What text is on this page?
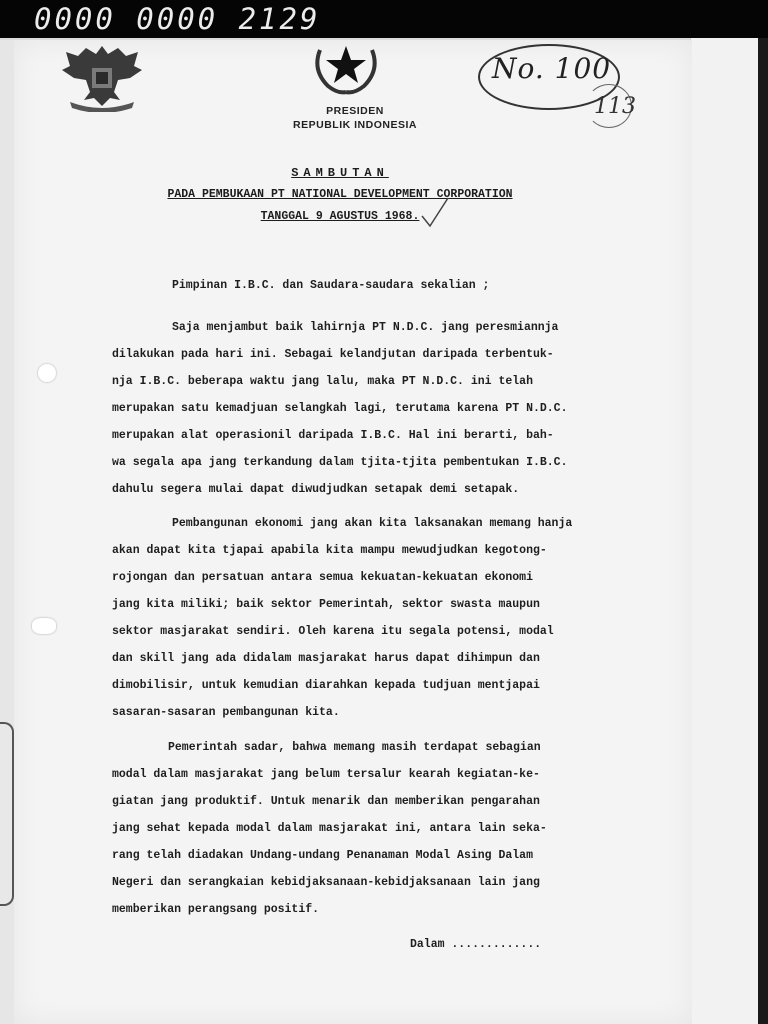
0000 0000 2129
PRESIDEN
REPUBLIK INDONESIA
No. 100
113
SAMBUTAN
PADA PEMBUKAAN PT NATIONAL DEVELOPMENT CORPORATION
TANGGAL 9 AGUSTUS 1968.
Pimpinan I.B.C. dan Saudara-saudara sekalian ;
Saja menjambut baik lahirnja PT N.D.C. jang peresmiannja
dilakukan pada hari ini. Sebagai kelandjutan daripada terbentuk-
nja I.B.C. beberapa waktu jang lalu, maka PT N.D.C. ini telah
merupakan satu kemadjuan selangkah lagi, terutama karena PT N.D.C.
merupakan alat operasionil daripada I.B.C. Hal ini berarti, bah-
wa segala apa jang terkandung dalam tjita-tjita pembentukan I.B.C.
dahulu segera mulai dapat diwudjudkan setapak demi setapak.
Pembangunan ekonomi jang akan kita laksanakan memang hanja
akan dapat kita tjapai apabila kita mampu mewudjudkan kegotong-
rojongan dan persatuan antara semua kekuatan-kekuatan ekonomi
jang kita miliki; baik sektor Pemerintah, sektor swasta maupun
sektor masjarakat sendiri. Oleh karena itu segala potensi, modal
dan skill jang ada didalam masjarakat harus dapat dihimpun dan
dimobilisir, untuk kemudian diarahkan kepada tudjuan mentjapai
sasaran-sasaran pembangunan kita.
Pemerintah sadar, bahwa memang masih terdapat sebagian
modal dalam masjarakat jang belum tersalur kearah kegiatan-ke-
giatan jang produktif. Untuk menarik dan memberikan pengarahan
jang sehat kepada modal dalam masjarakat ini, antara lain seka-
rang telah diadakan Undang-undang Penanaman Modal Asing Dalam
Negeri dan serangkaian kebidjaksanaan-kebidjaksanaan lain jang
memberikan perangsang positif.
Dalam .............
